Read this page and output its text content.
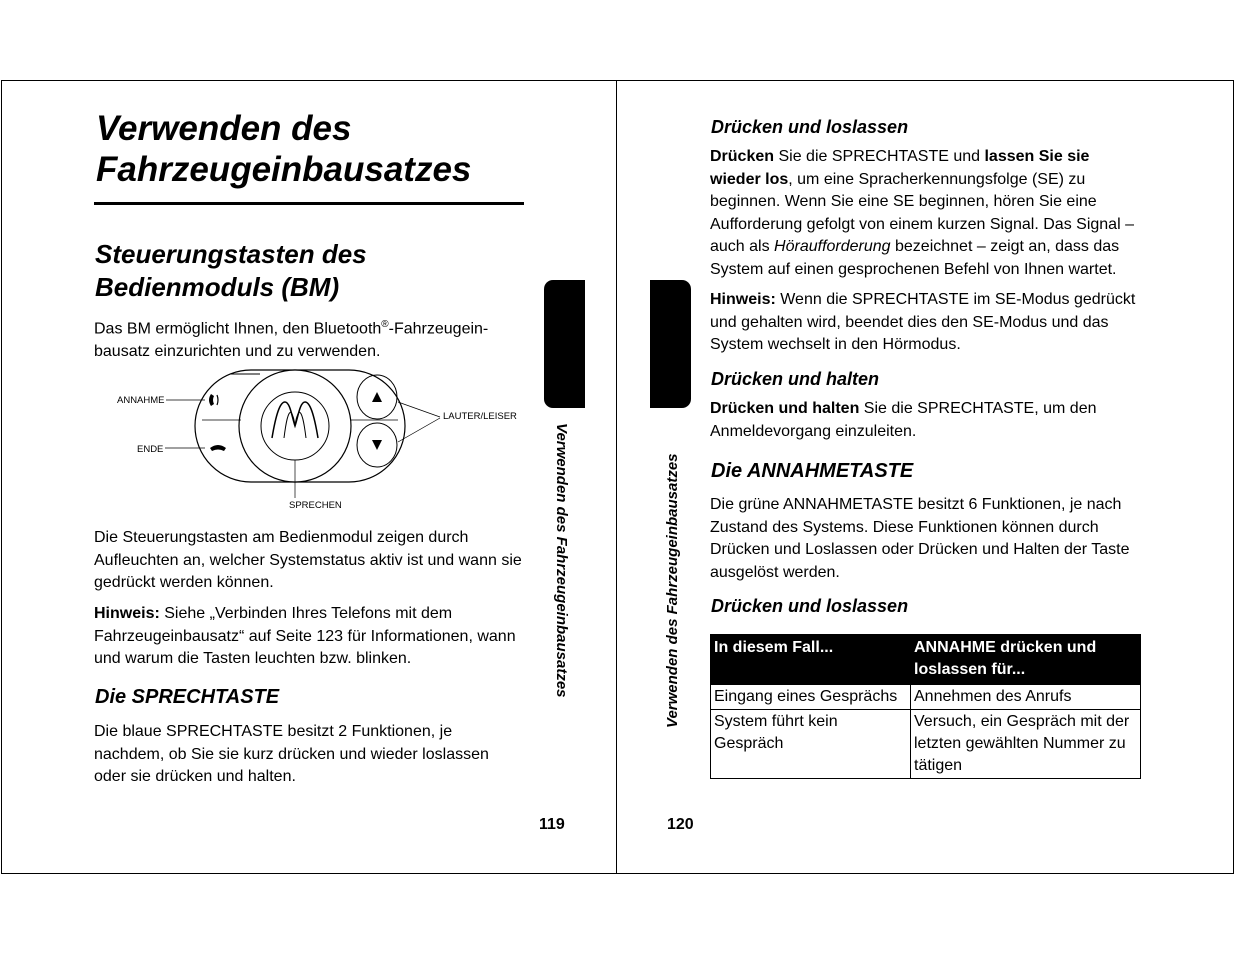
Verwenden des
Fahrzeugeinbausatzes
Steuerungstasten des
Bedienmoduls (BM)

Das BM ermöglicht Ihnen, den Bluetooth®-Fahrzeugein-
bausatz einzurichten und zu verwenden.

ANNAHME
ENDE
LAUTER/LEISER
SPRECHEN

Die Steuerungstasten am Bedienmodul zeigen durch Aufleuchten an, welcher Systemstatus aktiv ist und wann sie gedrückt werden können.

Hinweis: Siehe „Verbinden Ihres Telefons mit dem Fahrzeugeinbausatz“ auf Seite 123 für Informationen, wann und warum die Tasten leuchten bzw. blinken.

Die SPRECHTASTE

Die blaue SPRECHTASTE besitzt 2 Funktionen, je nachdem, ob Sie sie kurz drücken und wieder loslassen oder sie drücken und halten.

Verwenden des Fahrzeugeinbausatzes
119
Verwenden des Fahrzeugeinbausatzes
Drücken und loslassen

Drücken Sie die SPRECHTASTE und lassen Sie sie wieder los, um eine Spracherkennungsfolge (SE) zu beginnen. Wenn Sie eine SE beginnen, hören Sie eine Aufforderung gefolgt von einem kurzen Signal. Das Signal – auch als Höraufforderung bezeichnet – zeigt an, dass das System auf einen gesprochenen Befehl von Ihnen wartet.

Hinweis: Wenn die SPRECHTASTE im SE-Modus gedrückt und gehalten wird, beendet dies den SE-Modus und das System wechselt in den Hörmodus.

Drücken und halten

Drücken und halten Sie die SPRECHTASTE, um den Anmeldevorgang einzuleiten.

Die ANNAHMETASTE

Die grüne ANNAHMETASTE besitzt 6 Funktionen, je nach Zustand des Systems. Diese Funktionen können durch Drücken und Loslassen oder Drücken und Halten der Taste ausgelöst werden.

Drücken und loslassen
In diesem Fall...	ANNAHME drücken und loslassen für...
Eingang eines Gesprächs	Annehmen des Anrufs
System führt kein Gespräch	Versuch, ein Gespräch mit der letzten gewählten Nummer zu tätigen
120
